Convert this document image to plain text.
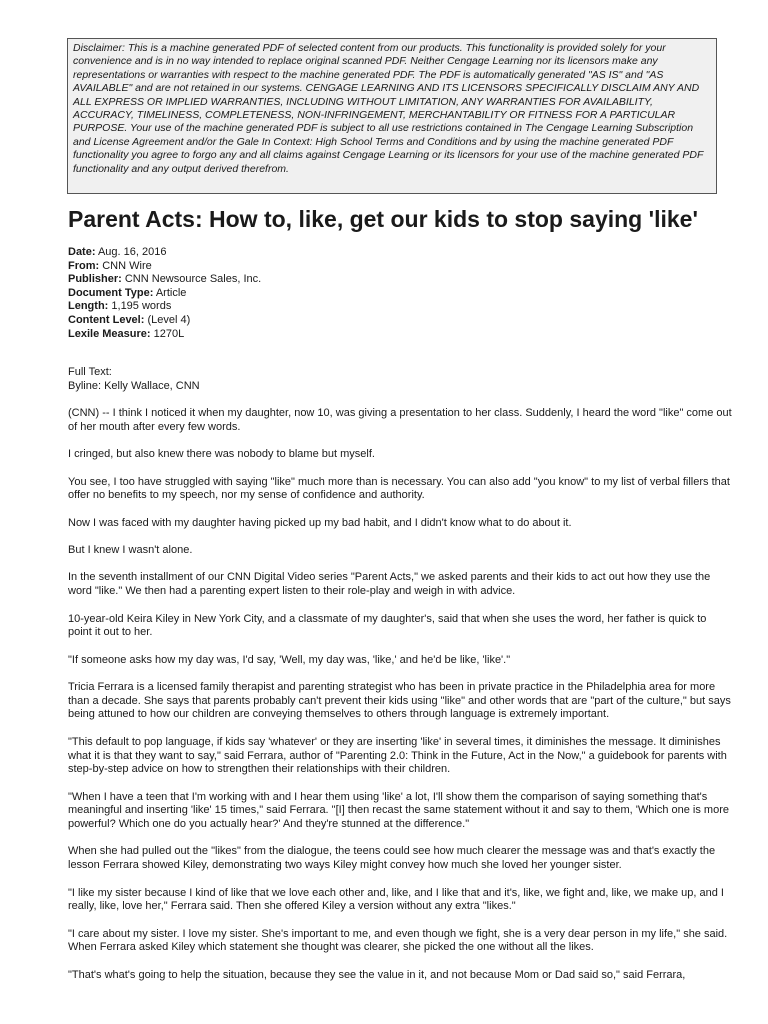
Disclaimer: This is a machine generated PDF of selected content from our products. This functionality is provided solely for your convenience and is in no way intended to replace original scanned PDF. Neither Cengage Learning nor its licensors make any representations or warranties with respect to the machine generated PDF. The PDF is automatically generated "AS IS" and "AS AVAILABLE" and are not retained in our systems. CENGAGE LEARNING AND ITS LICENSORS SPECIFICALLY DISCLAIM ANY AND ALL EXPRESS OR IMPLIED WARRANTIES, INCLUDING WITHOUT LIMITATION, ANY WARRANTIES FOR AVAILABILITY, ACCURACY, TIMELINESS, COMPLETENESS, NON-INFRINGEMENT, MERCHANTABILITY OR FITNESS FOR A PARTICULAR PURPOSE. Your use of the machine generated PDF is subject to all use restrictions contained in The Cengage Learning Subscription and License Agreement and/or the Gale In Context: High School Terms and Conditions and by using the machine generated PDF functionality you agree to forgo any and all claims against Cengage Learning or its licensors for your use of the machine generated PDF functionality and any output derived therefrom.
Parent Acts: How to, like, get our kids to stop saying 'like'
Date: Aug. 16, 2016
From: CNN Wire
Publisher: CNN Newsource Sales, Inc.
Document Type: Article
Length: 1,195 words
Content Level: (Level 4)
Lexile Measure: 1270L

Full Text:

Byline: Kelly Wallace, CNN

(CNN) -- I think I noticed it when my daughter, now 10, was giving a presentation to her class. Suddenly, I heard the word "like" come out of her mouth after every few words.

I cringed, but also knew there was nobody to blame but myself.

You see, I too have struggled with saying "like" much more than is necessary. You can also add "you know" to my list of verbal fillers that offer no benefits to my speech, nor my sense of confidence and authority.

Now I was faced with my daughter having picked up my bad habit, and I didn't know what to do about it.

But I knew I wasn't alone.

In the seventh installment of our CNN Digital Video series "Parent Acts," we asked parents and their kids to act out how they use the word "like." We then had a parenting expert listen to their role-play and weigh in with advice.

10-year-old Keira Kiley in New York City, and a classmate of my daughter's, said that when she uses the word, her father is quick to point it out to her.

"If someone asks how my day was, I'd say, 'Well, my day was, 'like,' and he'd be like, 'like'."

Tricia Ferrara is a licensed family therapist and parenting strategist who has been in private practice in the Philadelphia area for more than a decade. She says that parents probably can't prevent their kids using "like" and other words that are "part of the culture," but says being attuned to how our children are conveying themselves to others through language is extremely important.

"This default to pop language, if kids say 'whatever' or they are inserting 'like' in several times, it diminishes the message. It diminishes what it is that they want to say," said Ferrara, author of "Parenting 2.0: Think in the Future, Act in the Now," a guidebook for parents with step-by-step advice on how to strengthen their relationships with their children.

"When I have a teen that I'm working with and I hear them using 'like' a lot, I'll show them the comparison of saying something that's meaningful and inserting 'like' 15 times," said Ferrara. "[I] then recast the same statement without it and say to them, 'Which one is more powerful? Which one do you actually hear?' And they're stunned at the difference."

When she had pulled out the "likes" from the dialogue, the teens could see how much clearer the message was and that's exactly the lesson Ferrara showed Kiley, demonstrating two ways Kiley might convey how much she loved her younger sister.

"I like my sister because I kind of like that we love each other and, like, and I like that and it's, like, we fight and, like, we make up, and I really, like, love her," Ferrara said. Then she offered Kiley a version without any extra "likes."

"I care about my sister. I love my sister. She's important to me, and even though we fight, she is a very dear person in my life," she said. When Ferrara asked Kiley which statement she thought was clearer, she picked the one without all the likes.

"That's what's going to help the situation, because they see the value in it, and not because Mom or Dad said so," said Ferrara,
